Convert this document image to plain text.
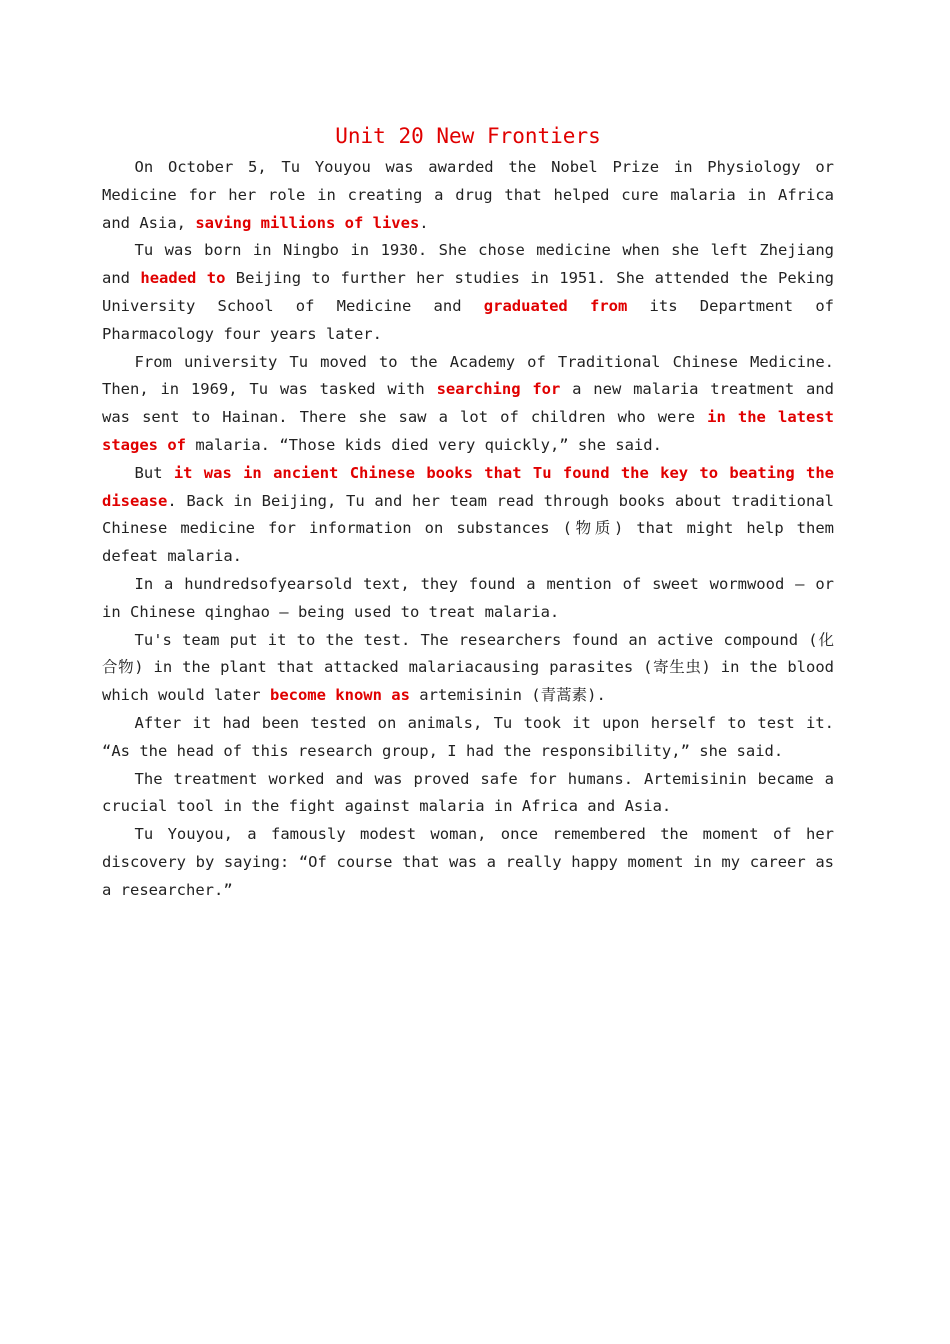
Unit 20 New Frontiers

On October 5, Tu Youyou was awarded the Nobel Prize in Physiology or Medicine for her role in creating a drug that helped cure malaria in Africa and Asia, saving millions of lives.

Tu was born in Ningbo in 1930. She chose medicine when she left Zhejiang and headed to Beijing to further her studies in 1951. She attended the Peking University School of Medicine and graduated from its Department of Pharmacology four years later.

From university Tu moved to the Academy of Traditional Chinese Medicine. Then, in 1969, Tu was tasked with searching for a new malaria treatment and was sent to Hainan. There she saw a lot of children who were in the latest stages of malaria. “Those kids died very quickly,” she said.

But it was in ancient Chinese books that Tu found the key to beating the disease. Back in Beijing, Tu and her team read through books about traditional Chinese medicine for information on substances (物质) that might help them defeat malaria.

In a hundredsofyearsold text, they found a mention of sweet wormwood — or in Chinese qinghao — being used to treat malaria.

Tu's team put it to the test. The researchers found an active compound (化合物) in the plant that attacked malariacausing parasites (寄生虫) in the blood which would later become known as artemisinin (青蒿素).

After it had been tested on animals, Tu took it upon herself to test it. “As the head of this research group, I had the responsibility,” she said.

The treatment worked and was proved safe for humans. Artemisinin became a crucial tool in the fight against malaria in Africa and Asia.

Tu Youyou, a famously modest woman, once remembered the moment of her discovery by saying: “Of course that was a really happy moment in my career as a researcher.”
